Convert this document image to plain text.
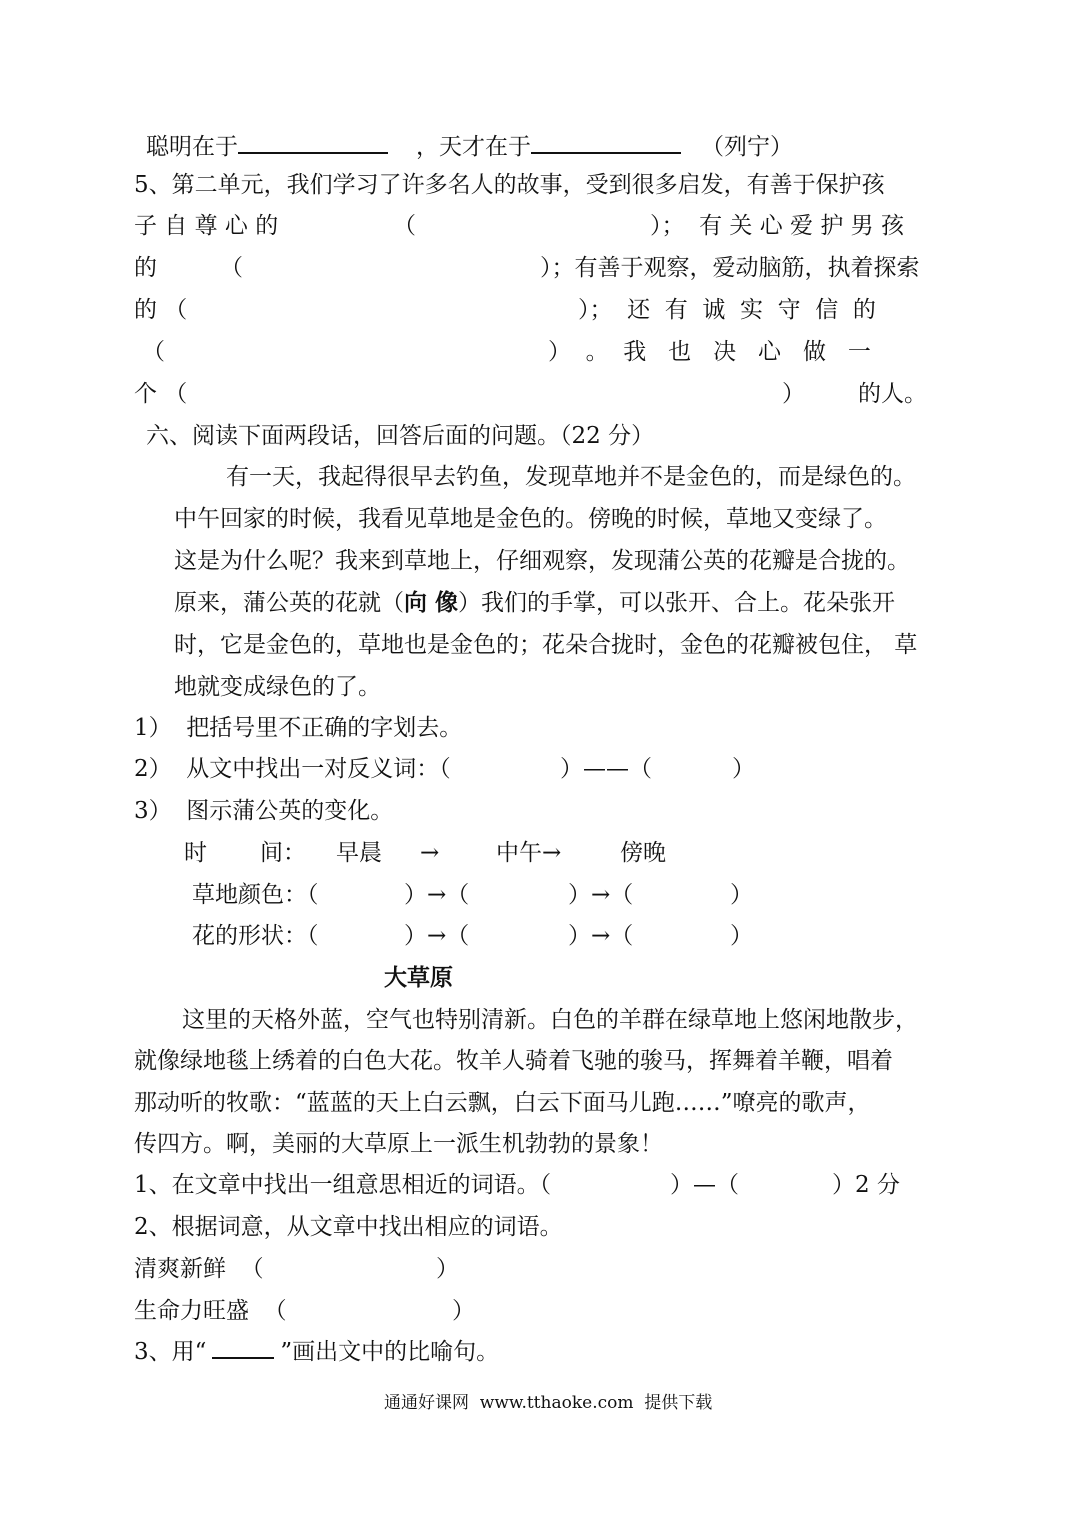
聪明在于	，天才在于	（列宁）
5、第二单元，我们学习了许多名人的故事，受到很多启发，有善于保护孩
子 自 尊 心 的	（	）；  有 关 心 爱 护 男 孩
的	（	）；有善于观察，爱动脑筋，执着探索
的 （	）；  还  有  诚  实  守  信  的
（	）  。  我   也   决   心   做   一
个 （	） 的人。
六、阅读下面两段话，回答后面的问题。（22 分）
有一天，我起得很早去钓鱼，发现草地并不是金色的，而是绿色的。
中午回家的时候，我看见草地是金色的。傍晚的时候，草地又变绿了。
这是为什么呢？我来到草地上，仔细观察，发现蒲公英的花瓣是合拢的。
原来，蒲公英的花就（向 像）我们的手掌，可以张开、合上。花朵张开
时，它是金色的，草地也是金色的；花朵合拢时，金色的花瓣被包住， 草
地就变成绿色的了。
1）  把括号里不正确的字划去。
2）  从文中找出一对反义词：（	）——（	）
3）  图示蒲公英的变化。
时 间： 早晨 → 中午→	傍晚
草地颜色：（	）→（	）→（	）
花的形状：（	）→（	）→（	）
大草原
这里的天格外蓝，空气也特别清新。白色的羊群在绿草地上悠闲地散步，
就像绿地毯上绣着的白色大花。牧羊人骑着飞驰的骏马，挥舞着羊鞭，唱着
那动听的牧歌：“蓝蓝的天上白云飘，白云下面马儿跑……”嘹亮的歌声，
传四方。啊，美丽的大草原上一派生机勃勃的景象！
1、在文章中找出一组意思相近的词语。（	）—（	）2 分
2、根据词意，从文章中找出相应的词语。
清爽新鲜  （	）
生命力旺盛  （	）
3、用“	”画出文中的比喻句。
通通好课网  www.tthaoke.com  提供下载
